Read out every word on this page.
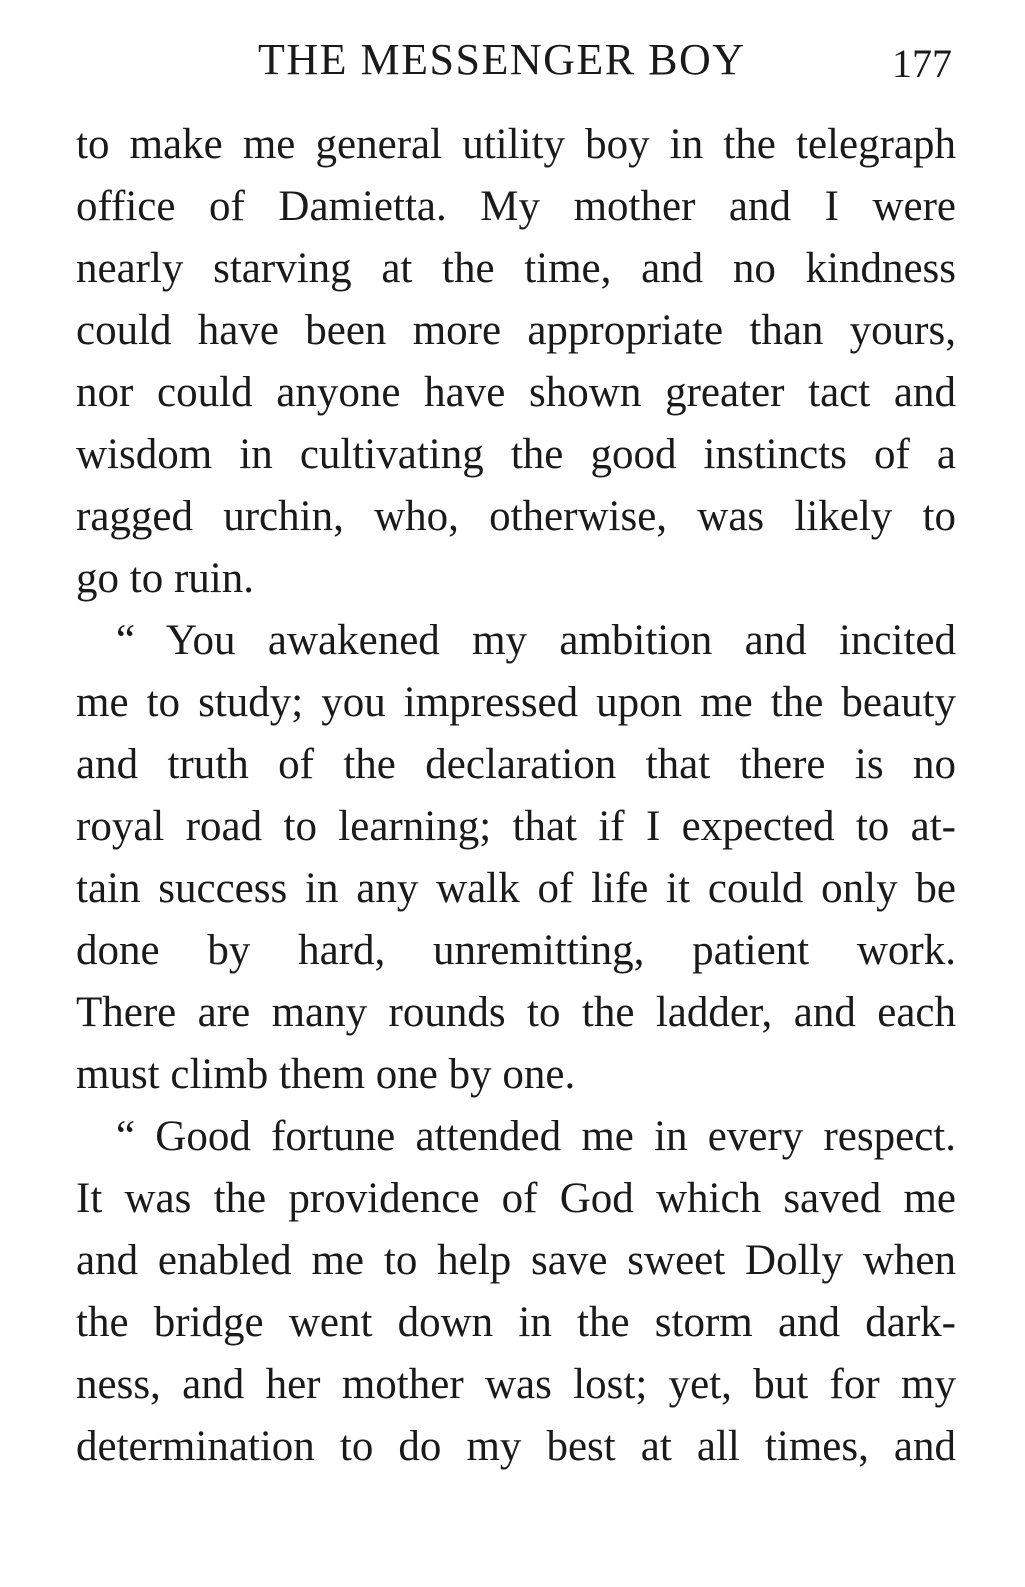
THE MESSENGER BOY	177
to make me general utility boy in the telegraph
office of Damietta. My mother and I were
nearly starving at the time, and no kindness
could have been more appropriate than yours,
nor could anyone have shown greater tact and
wisdom in cultivating the good instincts of a
ragged urchin, who, otherwise, was likely to
go to ruin.
“ You awakened my ambition and incited
me to study; you impressed upon me the beauty
and truth of the declaration that there is no
royal road to learning; that if I expected to at-
tain success in any walk of life it could only be
done by hard, unremitting, patient work.
There are many rounds to the ladder, and each
must climb them one by one.
“ Good fortune attended me in every respect.
It was the providence of God which saved me
and enabled me to help save sweet Dolly when
the bridge went down in the storm and dark-
ness, and her mother was lost; yet, but for my
determination to do my best at all times, and
